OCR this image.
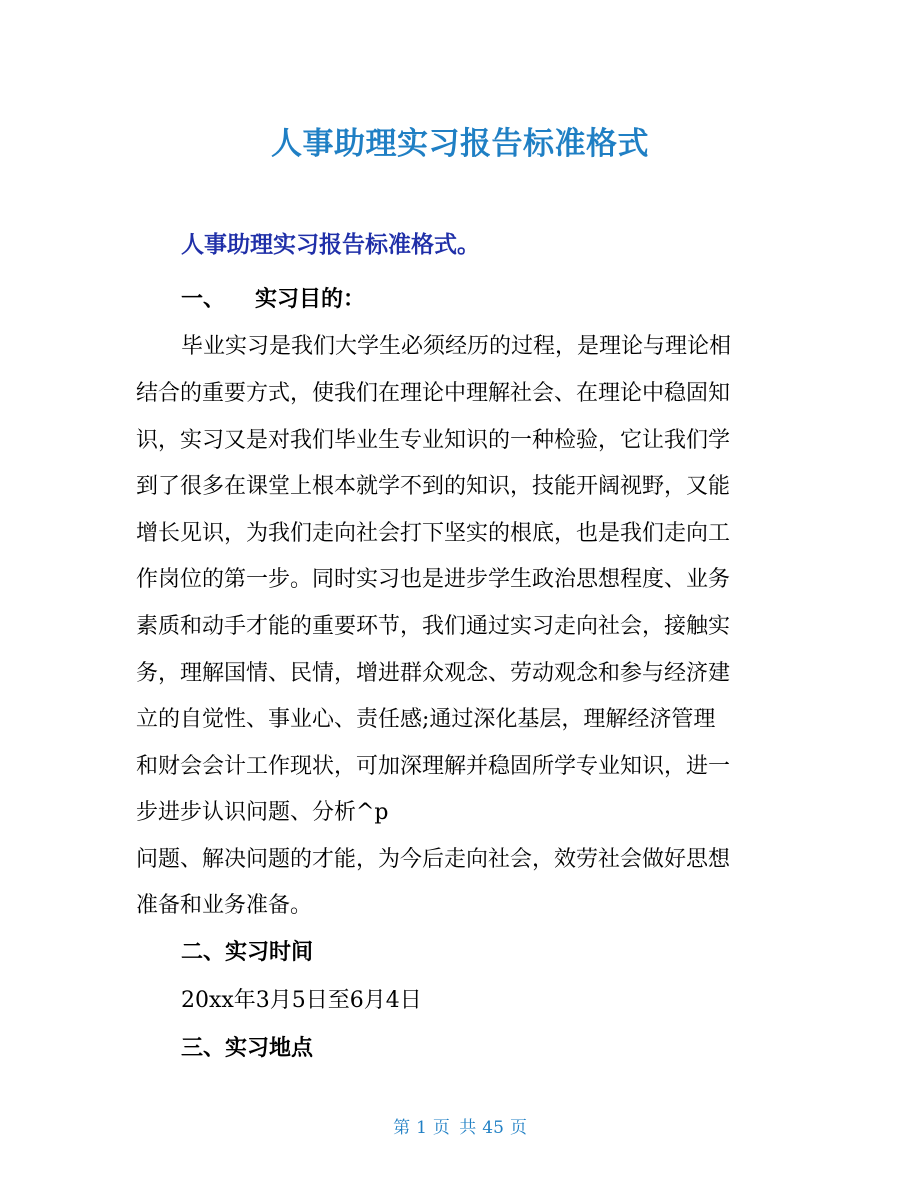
人事助理实习报告标准格式
人事助理实习报告标准格式。
一、 实习目的：
毕业实习是我们大学生必须经历的过程，是理论与理论相
结合的重要方式，使我们在理论中理解社会、在理论中稳固知
识，实习又是对我们毕业生专业知识的一种检验，它让我们学
到了很多在课堂上根本就学不到的知识，技能开阔视野，又能
增长见识，为我们走向社会打下坚实的根底，也是我们走向工
作岗位的第一步。同时实习也是进步学生政治思想程度、业务
素质和动手才能的重要环节，我们通过实习走向社会，接触实
务，理解国情、民情，增进群众观念、劳动观念和参与经济建
立的自觉性、事业心、责任感;通过深化基层，理解经济管理
和财会会计工作现状，可加深理解并稳固所学专业知识，进一
步进步认识问题、分析^p
问题、解决问题的才能，为今后走向社会，效劳社会做好思想
准备和业务准备。
二、实习时间
20xx年3月5日至6月4日
三、实习地点
第 1 页 共 45 页
